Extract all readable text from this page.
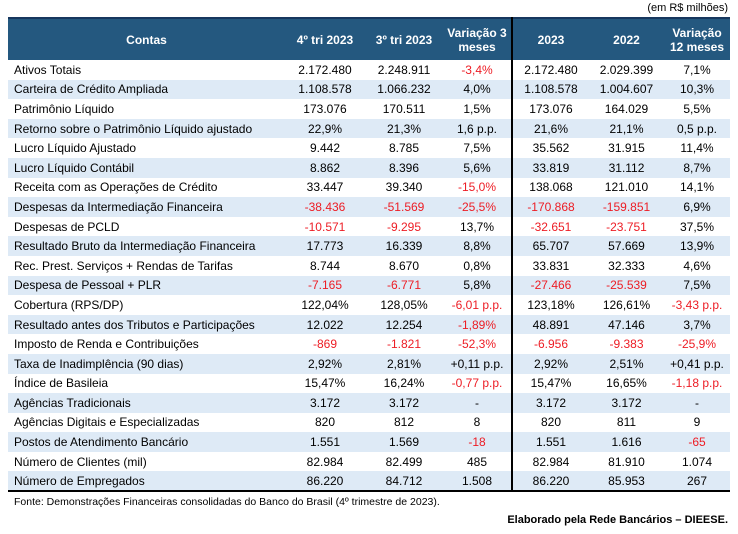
(em R$ milhões)
Contas	4º tri 2023	3º tri 2023	Variação 3 meses	2023	2022	Variação 12 meses
Ativos Totais	2.172.480	2.248.911	-3,4%	2.172.480	2.029.399	7,1%
Carteira de Crédito Ampliada	1.108.578	1.066.232	4,0%	1.108.578	1.004.607	10,3%
Patrimônio Líquido	173.076	170.511	1,5%	173.076	164.029	5,5%
Retorno sobre o Patrimônio Líquido ajustado	22,9%	21,3%	1,6 p.p.	21,6%	21,1%	0,5 p.p.
Lucro Líquido Ajustado	9.442	8.785	7,5%	35.562	31.915	11,4%
Lucro Líquido Contábil	8.862	8.396	5,6%	33.819	31.112	8,7%
Receita com as Operações de Crédito	33.447	39.340	-15,0%	138.068	121.010	14,1%
Despesas da Intermediação Financeira	-38.436	-51.569	-25,5%	-170.868	-159.851	6,9%
Despesas de PCLD	-10.571	-9.295	13,7%	-32.651	-23.751	37,5%
Resultado Bruto da Intermediação Financeira	17.773	16.339	8,8%	65.707	57.669	13,9%
Rec. Prest. Serviços + Rendas de Tarifas	8.744	8.670	0,8%	33.831	32.333	4,6%
Despesa de Pessoal + PLR	-7.165	-6.771	5,8%	-27.466	-25.539	7,5%
Cobertura (RPS/DP)	122,04%	128,05%	-6,01 p.p.	123,18%	126,61%	-3,43 p.p.
Resultado antes dos Tributos e Participações	12.022	12.254	-1,89%	48.891	47.146	3,7%
Imposto de Renda e Contribuições	-869	-1.821	-52,3%	-6.956	-9.383	-25,9%
Taxa de Inadimplência (90 dias)	2,92%	2,81%	+0,11 p.p.	2,92%	2,51%	+0,41 p.p.
Índice de Basileia	15,47%	16,24%	-0,77 p.p.	15,47%	16,65%	-1,18 p.p.
Agências Tradicionais	3.172	3.172	-	3.172	3.172	-
Agências Digitais e Especializadas	820	812	8	820	811	9
Postos de Atendimento Bancário	1.551	1.569	-18	1.551	1.616	-65
Número de Clientes (mil)	82.984	82.499	485	82.984	81.910	1.074
Número de Empregados	86.220	84.712	1.508	86.220	85.953	267
Fonte: Demonstrações Financeiras consolidadas do Banco do Brasil (4º trimestre de 2023).
Elaborado pela Rede Bancários – DIEESE.
